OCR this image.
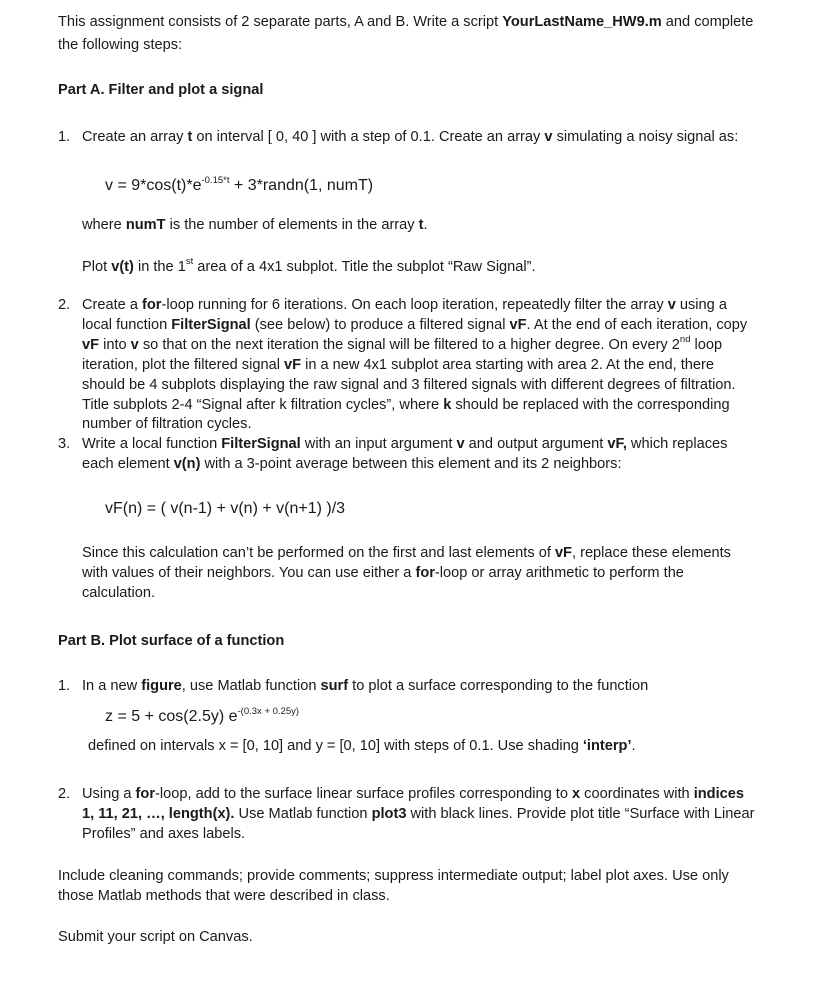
This assignment consists of 2 separate parts, A and B. Write a script YourLastName_HW9.m and complete
the following steps:
Part A. Filter and plot a signal
1. Create an array t on interval [ 0, 40 ] with a step of 0.1. Create an array v simulating a noisy signal as:
$v = 9*\cos(t)*e^{-0.15*t}$ + 3*randn(1, numT)
where numT is the number of elements in the array t.
Plot v(t) in the 1st area of a 4x1 subplot. Title the subplot “Raw Signal”.
2. Create a for-loop running for 6 iterations. On each loop iteration, repeatedly filter the array v using a
local function FilterSignal (see below) to produce a filtered signal vF. At the end of each iteration, copy
vF into v so that on the next iteration the signal will be filtered to a higher degree. On every 2nd loop
iteration, plot the filtered signal vF in a new 4x1 subplot area starting with area 2. At the end, there
should be 4 subplots displaying the raw signal and 3 filtered signals with different degrees of filtration.
Title subplots 2-4 “Signal after k filtration cycles”, where k should be replaced with the corresponding
number of filtration cycles.
3. Write a local function FilterSignal with an input argument v and output argument vF, which replaces
each element v(n) with a 3-point average between this element and its 2 neighbors:
vF(n) = ( v(n-1) + v(n) + v(n+1) )/3
Since this calculation can’t be performed on the first and last elements of vF, replace these elements
with values of their neighbors. You can use either a for-loop or array arithmetic to perform the
calculation.
Part B. Plot surface of a function
1. In a new figure, use Matlab function surf to plot a surface corresponding to the function
z = 5 + cos(2.5y) $e^{-(0.3x + 0.25y)}$
defined on intervals x = [0, 10] and y = [0, 10] with steps of 0.1. Use shading ‘interp’.
2. Using a for-loop, add to the surface linear surface profiles corresponding to x coordinates with indices
1, 11, 21, …, length(x). Use Matlab function plot3 with black lines. Provide plot title “Surface with Linear
Profiles” and axes labels.
Include cleaning commands; provide comments; suppress intermediate output; label plot axes. Use only
those Matlab methods that were described in class.
Submit your script on Canvas.
